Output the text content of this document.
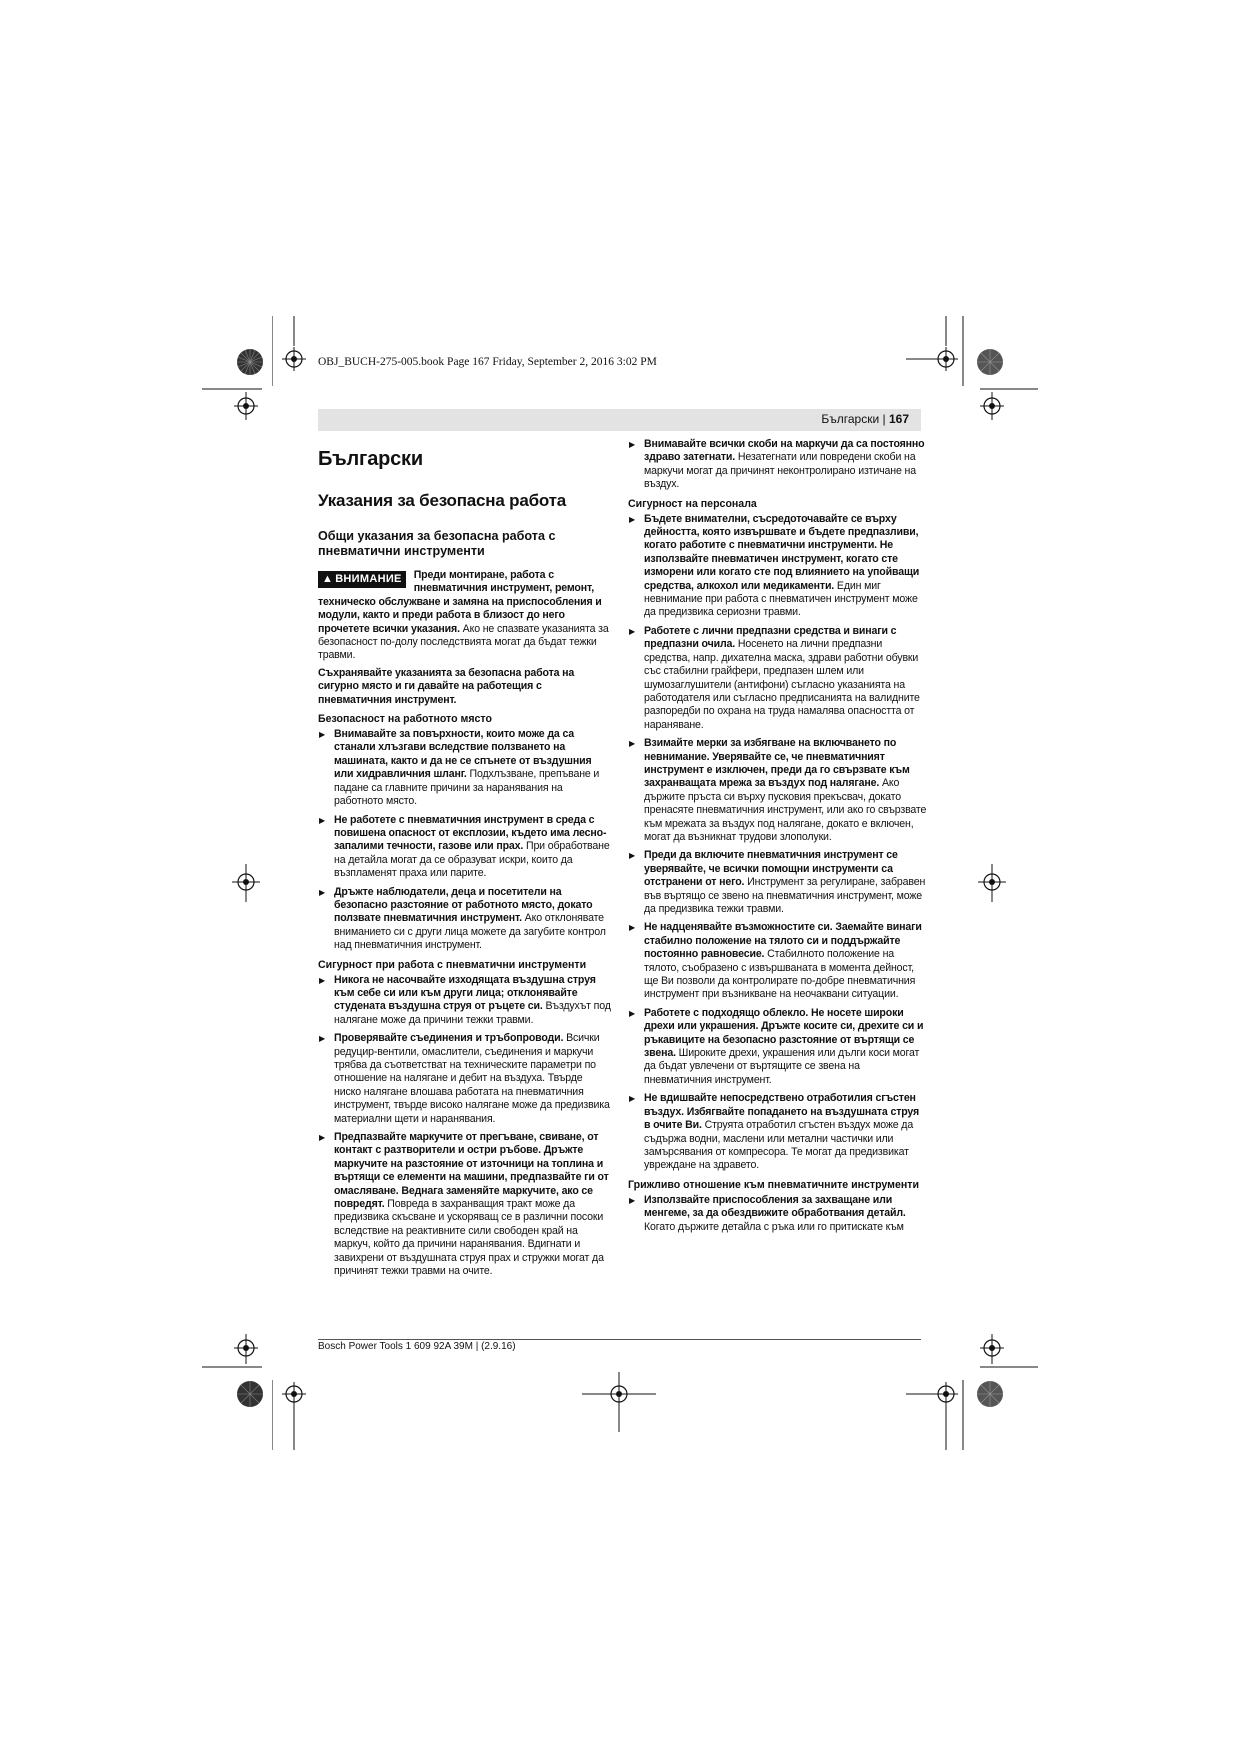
OBJ_BUCH-275-005.book Page 167 Friday, September 2, 2016 3:02 PM
Български | 167
Български
Указания за безопасна работа
Общи указания за безопасна работа с пневматични инструменти
▲ ВНИМАНИЕ	Преди монтиране, работа с пневматичния инструмент, ремонт, техническо обслужване и замяна на приспособления и модули, както и преди работа в близост до него прочетете всички указания. Ако не спазвате указанията за безопасност по-долу последствията могат да бъдат тежки травми.

Съхранявайте указанията за безопасна работа на сигурно място и ги давайте на работещия с пневматичния инструмент.

Безопасност на работното място
▶ Внимавайте за повърхности, които може да са станали хлъзгави вследствие ползването на машината, както и да не се спънете от въздушния или хидравличния шланг. Подхлъзване, препъване и падане са главните причини за наранявания на работното място.
▶ Не работете с пневматичния инструмент в среда с повишена опасност от експлозии, където има лесно-запалими течности, газове или прах. При обработване на детайла могат да се образуват искри, които да възпламенят праха или парите.
▶ Дръжте наблюдатели, деца и посетители на безопасно разстояние от работното място, докато ползвате пневматичния инструмент. Ако отклонявате вниманието си с други лица можете да загубите контрол над пневматичния инструмент.
Сигурност при работа с пневматични инструменти
▶ Никога не насочвайте изходящата въздушна струя към себе си или към други лица; отклонявайте студената въздушна струя от ръцете си. Въздухът под налягане може да причини тежки травми.
▶ Проверявайте съединения и тръбопроводи. Всички редуцир-вентили, омаслители, съединения и маркучи трябва да съответстват на техническите параметри по отношение на налягане и дебит на въздуха. Твърде ниско налягане влошава работата на пневматичния инструмент, твърде високо налягане може да предизвика материални щети и наранявания.
▶ Предпазвайте маркучите от прегъване, свиване, от контакт с разтворители и остри ръбове. Дръжте маркучите на разстояние от източници на топлина и въртящи се елементи на машини, предпазвайте ги от омасляване. Веднага заменяйте маркучите, ако се повредят. Повреда в захранващия тракт може да предизвика скъсване и ускоряващ се в различни посоки вследствие на реактивните сили свободен край на маркуч, който да причини наранявания. Вдигнати и завихрени от въздушната струя прах и стружки могат да причинят тежки травми на очите.
▶ Внимавайте всички скоби на маркучи да са постоянно здраво затегнати. Незатегнати или повредени скоби на маркучи могат да причинят неконтролирано изтичане на въздух.
Сигурност на персонала
▶ Бъдете внимателни, съсредоточавайте се върху дейността, която извършвате и бъдете предпазливи, когато работите с пневматични инструменти. Не използвайте пневматичен инструмент, когато сте изморени или когато сте под влиянието на упойващи средства, алкохол или медикаменти. Един миг невнимание при работа с пневматичен инструмент може да предизвика сериозни травми.
▶ Работете с лични предпазни средства и винаги с предпазни очила. Носенето на лични предпазни средства, напр. дихателна маска, здрави работни обувки със стабилни грайфери, предпазен шлем или шумозаглушители (антифони) съгласно указанията на работодателя или съгласно предписанията на валидните разпоредби по охрана на труда намалява опасността от нараняване.
▶ Взимайте мерки за избягване на включването по невнимание. Уверявайте се, че пневматичният инструмент е изключен, преди да го свързвате към захранващата мрежа за въздух под налягане. Ако държите пръста си върху пусковия прекъсвач, докато пренасяте пневматичния инструмент, или ако го свързвате към мрежата за въздух под налягане, докато е включен, могат да възникнат трудови злополуки.
▶ Преди да включите пневматичния инструмент се уверявайте, че всички помощни инструменти са отстранени от него. Инструмент за регулиране, забравен във въртящо се звено на пневматичния инструмент, може да предизвика тежки травми.
▶ Не надценявайте възможностите си. Заемайте винаги стабилно положение на тялото си и поддържайте постоянно равновесие. Стабилното положение на тялото, съобразено с извършваната в момента дейност, ще Ви позволи да контролирате по-добре пневматичния инструмент при възникване на неочаквани ситуации.
▶ Работете с подходящо облекло. Не носете широки дрехи или украшения. Дръжте косите си, дрехите си и ръкавиците на безопасно разстояние от въртящи се звена. Широките дрехи, украшения или дълги коси могат да бъдат увлечени от въртящите се звена на пневматичния инструмент.
▶ Не вдишвайте непосредствено отработилия сгъстен въздух. Избягвайте попадането на въздушната струя в очите Ви. Струята отработил сгъстен въздух може да съдържа водни, маслени или метални частички или замърсявания от компресора. Те могат да предизвикат увреждане на здравето.
Грижливо отношение към пневматичните инструменти
▶ Използвайте приспособления за захващане или менгеме, за да обездвижите обработвания детайл. Когато държите детайла с ръка или го притискате към
Bosch Power Tools 1 609 92A 39M | (2.9.16)
